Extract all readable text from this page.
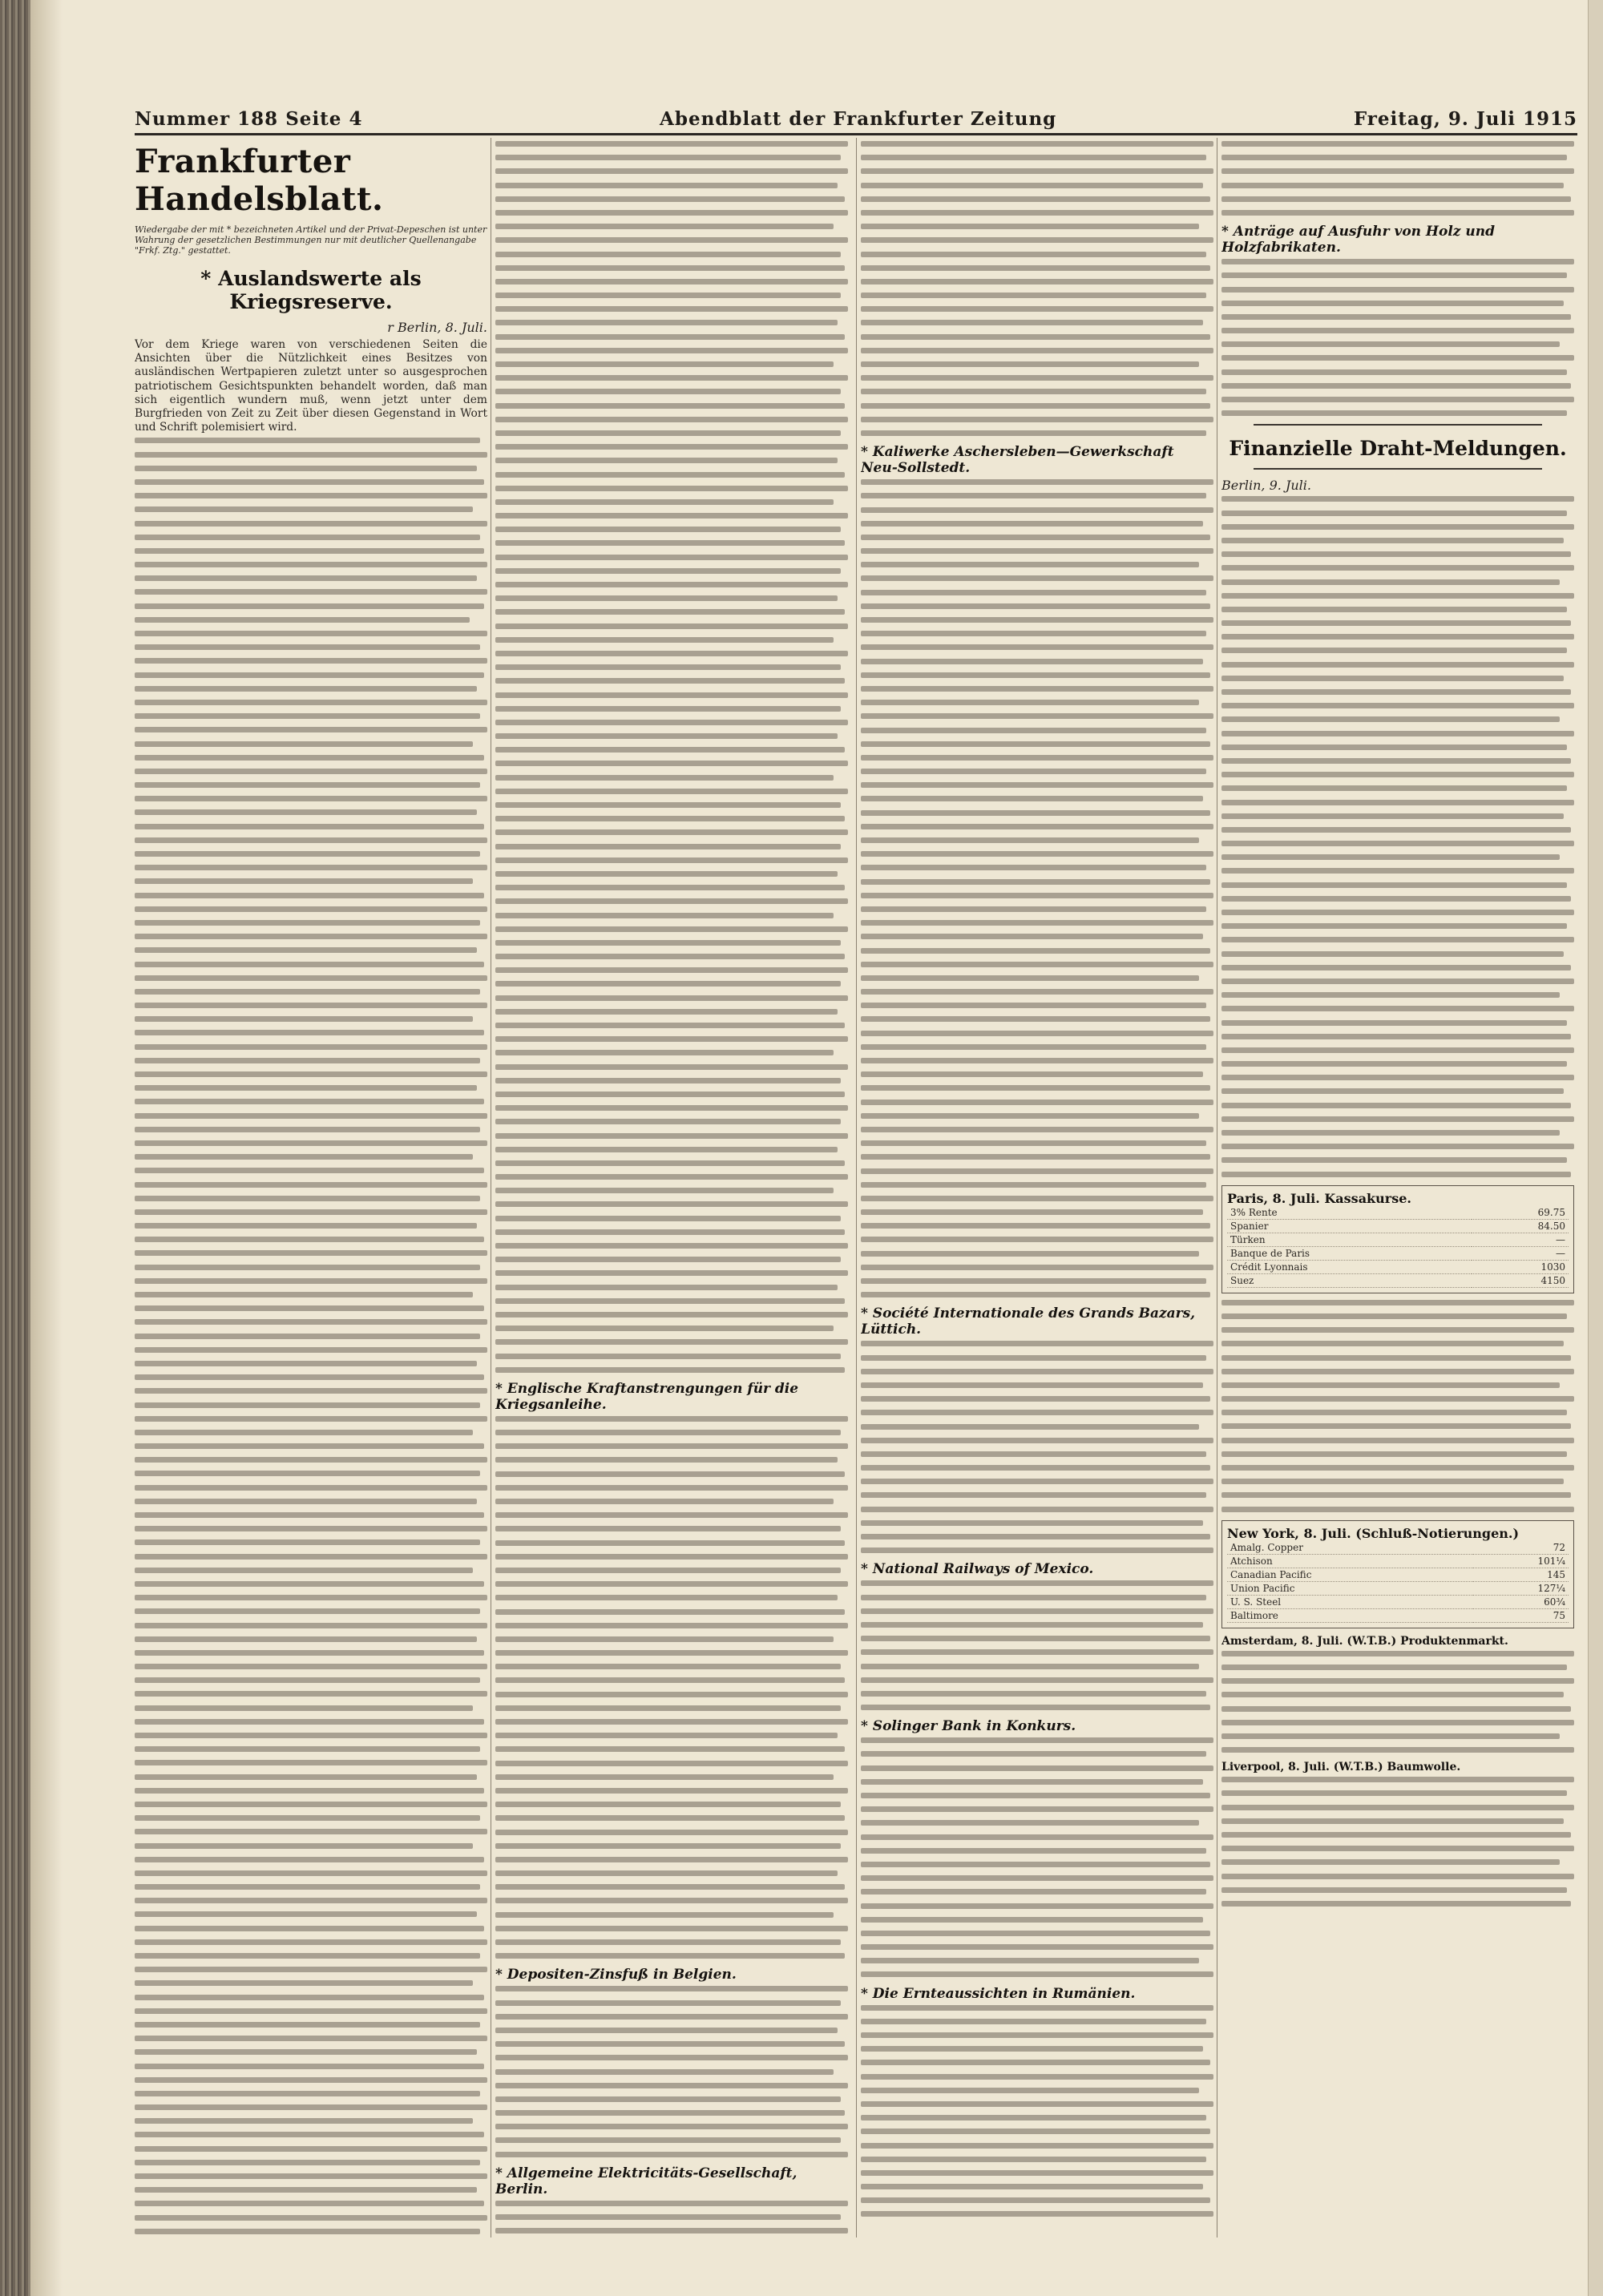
Nummer 188 Seite 4	Abendblatt der Frankfurter Zeitung	Freitag, 9. Juli 1915
Frankfurter Handelsblatt.
Wiedergabe der mit * bezeichneten Artikel und der Privat-Depeschen ist unter Wahrung der gesetzlichen Bestimmungen nur mit deutlicher Quellenangabe "Frkf. Ztg." gestattet.
* Auslandswerte als Kriegsreserve.
r Berlin, 8. Juli.

Vor dem Kriege waren von verschiedenen Seiten die Ansichten über die Nützlichkeit eines Besitzes von ausländischen Wertpapieren zuletzt unter so ausgesprochen patriotischem Gesichtspunkten behandelt worden, daß man sich eigentlich wundern muß, wenn jetzt unter dem Burgfrieden von Zeit zu Zeit über diesen Gegenstand in Wort und Schrift polemisiert wird.

* Englische Kraftanstrengungen für die Kriegsanleihe.
* Depositen-Zinsfuß in Belgien.
* Allgemeine Elektricitäts-Gesellschaft, Berlin.
* Kaliwerke Aschersleben—Gewerkschaft Neu-Sollstedt.
* Société Internationale des Grands Bazars, Lüttich.
* National Railways of Mexico.
* Solinger Bank in Konkurs.
* Die Ernteaussichten in Rumänien.
* Anträge auf Ausfuhr von Holz und Holzfabrikaten.
Finanzielle Draht-Meldungen.
Berlin, 9. Juli.
Paris, 8. Juli. Kassakurse.
3% Rente	69.75
Spanier	84.50
Türken	—
Banque de Paris	—
Crédit Lyonnais	1030
Suez	4150
New York, 8. Juli. (Schluß-Notierungen.)
Amalg. Copper	72
Atchison	101¼
Canadian Pacific	145
Union Pacific	127¼
U. S. Steel	60¾
Baltimore	75
Amsterdam, 8. Juli. (W.T.B.) Produktenmarkt.
Liverpool, 8. Juli. (W.T.B.) Baumwolle.
